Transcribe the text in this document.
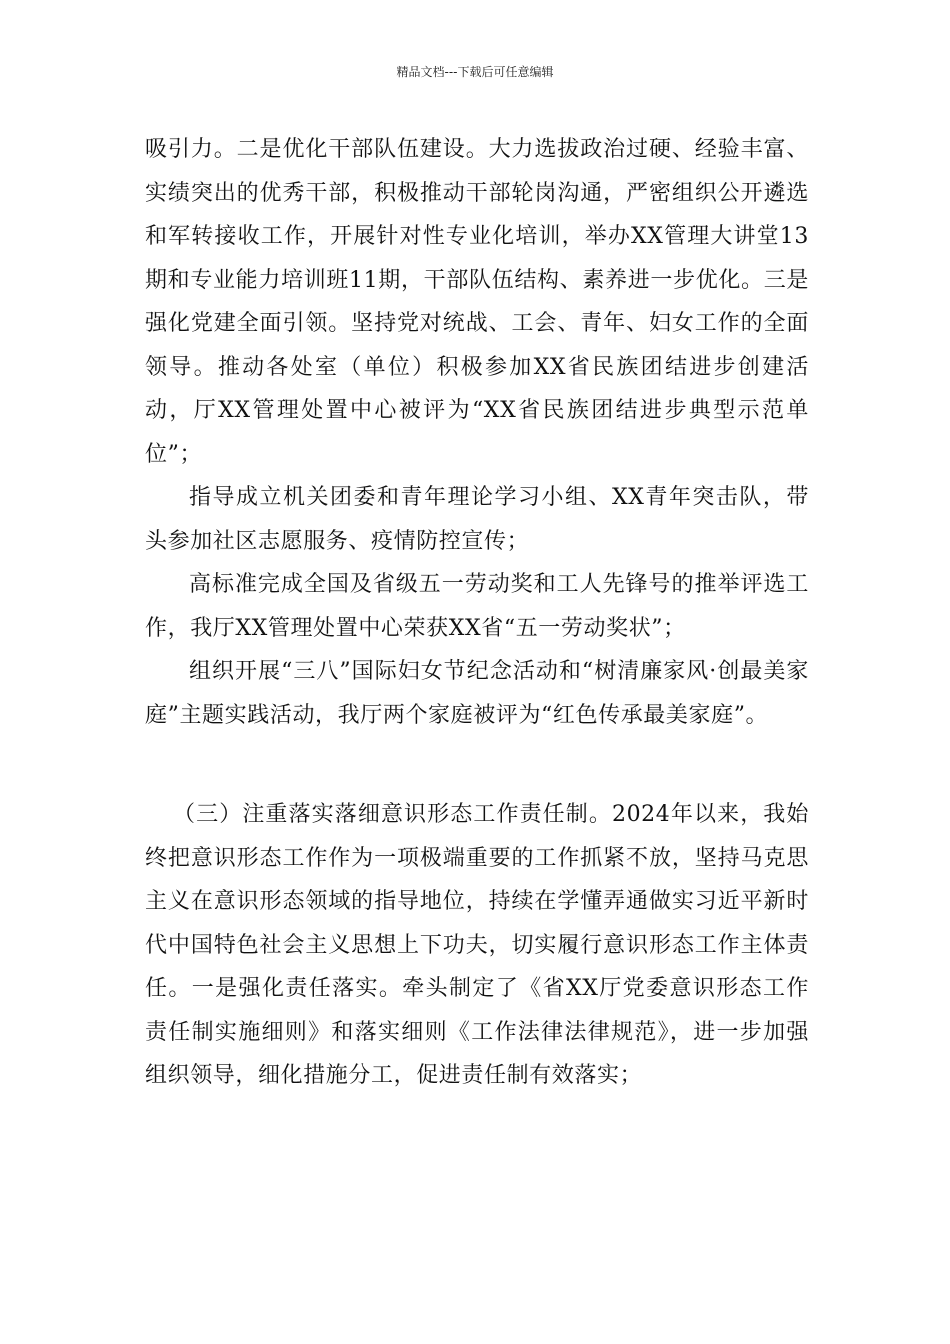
精品文档---下载后可任意编辑

吸引力。二是优化干部队伍建设。大力选拔政治过硬、经验丰富、实绩突出的优秀干部，积极推动干部轮岗沟通，严密组织公开遴选和军转接收工作，开展针对性专业化培训，举办XX管理大讲堂13期和专业能力培训班11期，干部队伍结构、素养进一步优化。三是强化党建全面引领。坚持党对统战、工会、青年、妇女工作的全面领导。推动各处室（单位）积极参加XX省民族团结进步创建活动，厅XX管理处置中心被评为“XX省民族团结进步典型示范单位”；

指导成立机关团委和青年理论学习小组、XX青年突击队，带头参加社区志愿服务、疫情防控宣传；

高标准完成全国及省级五一劳动奖和工人先锋号的推举评选工作，我厅XX管理处置中心荣获XX省“五一劳动奖状”；

组织开展“三八”国际妇女节纪念活动和“树清廉家风·创最美家庭”主题实践活动，我厅两个家庭被评为“红色传承最美家庭”。

（三）注重落实落细意识形态工作责任制。2024年以来，我始终把意识形态工作作为一项极端重要的工作抓紧不放，坚持马克思主义在意识形态领域的指导地位，持续在学懂弄通做实习近平新时代中国特色社会主义思想上下功夫，切实履行意识形态工作主体责任。一是强化责任落实。牵头制定了《省XX厅党委意识形态工作责任制实施细则》和落实细则《工作法律法律规范》，进一步加强组织领导，细化措施分工，促进责任制有效落实；
